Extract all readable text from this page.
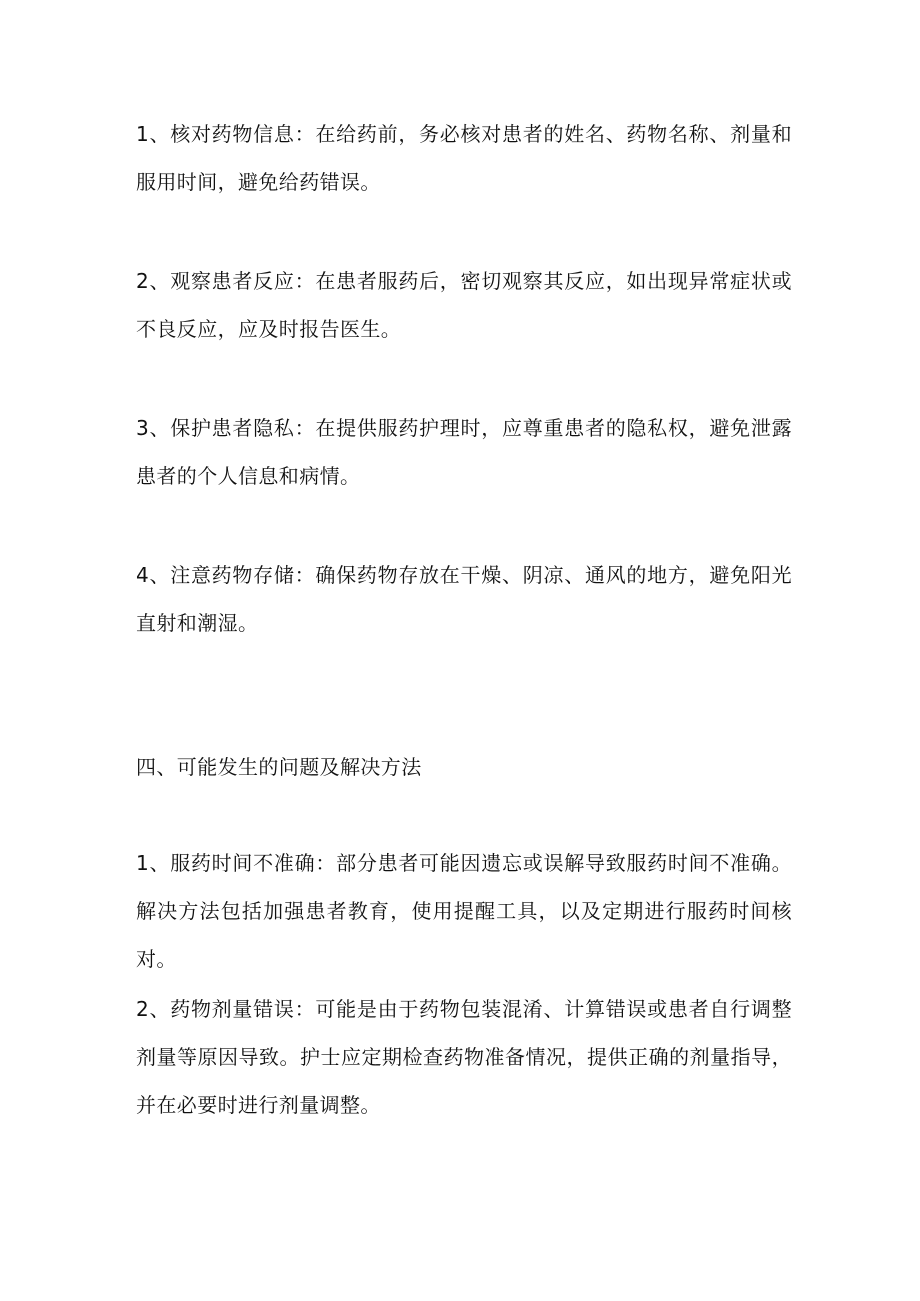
1、核对药物信息：在给药前，务必核对患者的姓名、药物名称、剂量和服用时间，避免给药错误。

2、观察患者反应：在患者服药后，密切观察其反应，如出现异常症状或不良反应，应及时报告医生。

3、保护患者隐私：在提供服药护理时，应尊重患者的隐私权，避免泄露患者的个人信息和病情。

4、注意药物存储：确保药物存放在干燥、阴凉、通风的地方，避免阳光直射和潮湿。

四、可能发生的问题及解决方法

1、服药时间不准确：部分患者可能因遗忘或误解导致服药时间不准确。解决方法包括加强患者教育，使用提醒工具，以及定期进行服药时间核对。

2、药物剂量错误：可能是由于药物包装混淆、计算错误或患者自行调整剂量等原因导致。护士应定期检查药物准备情况，提供正确的剂量指导，并在必要时进行剂量调整。
